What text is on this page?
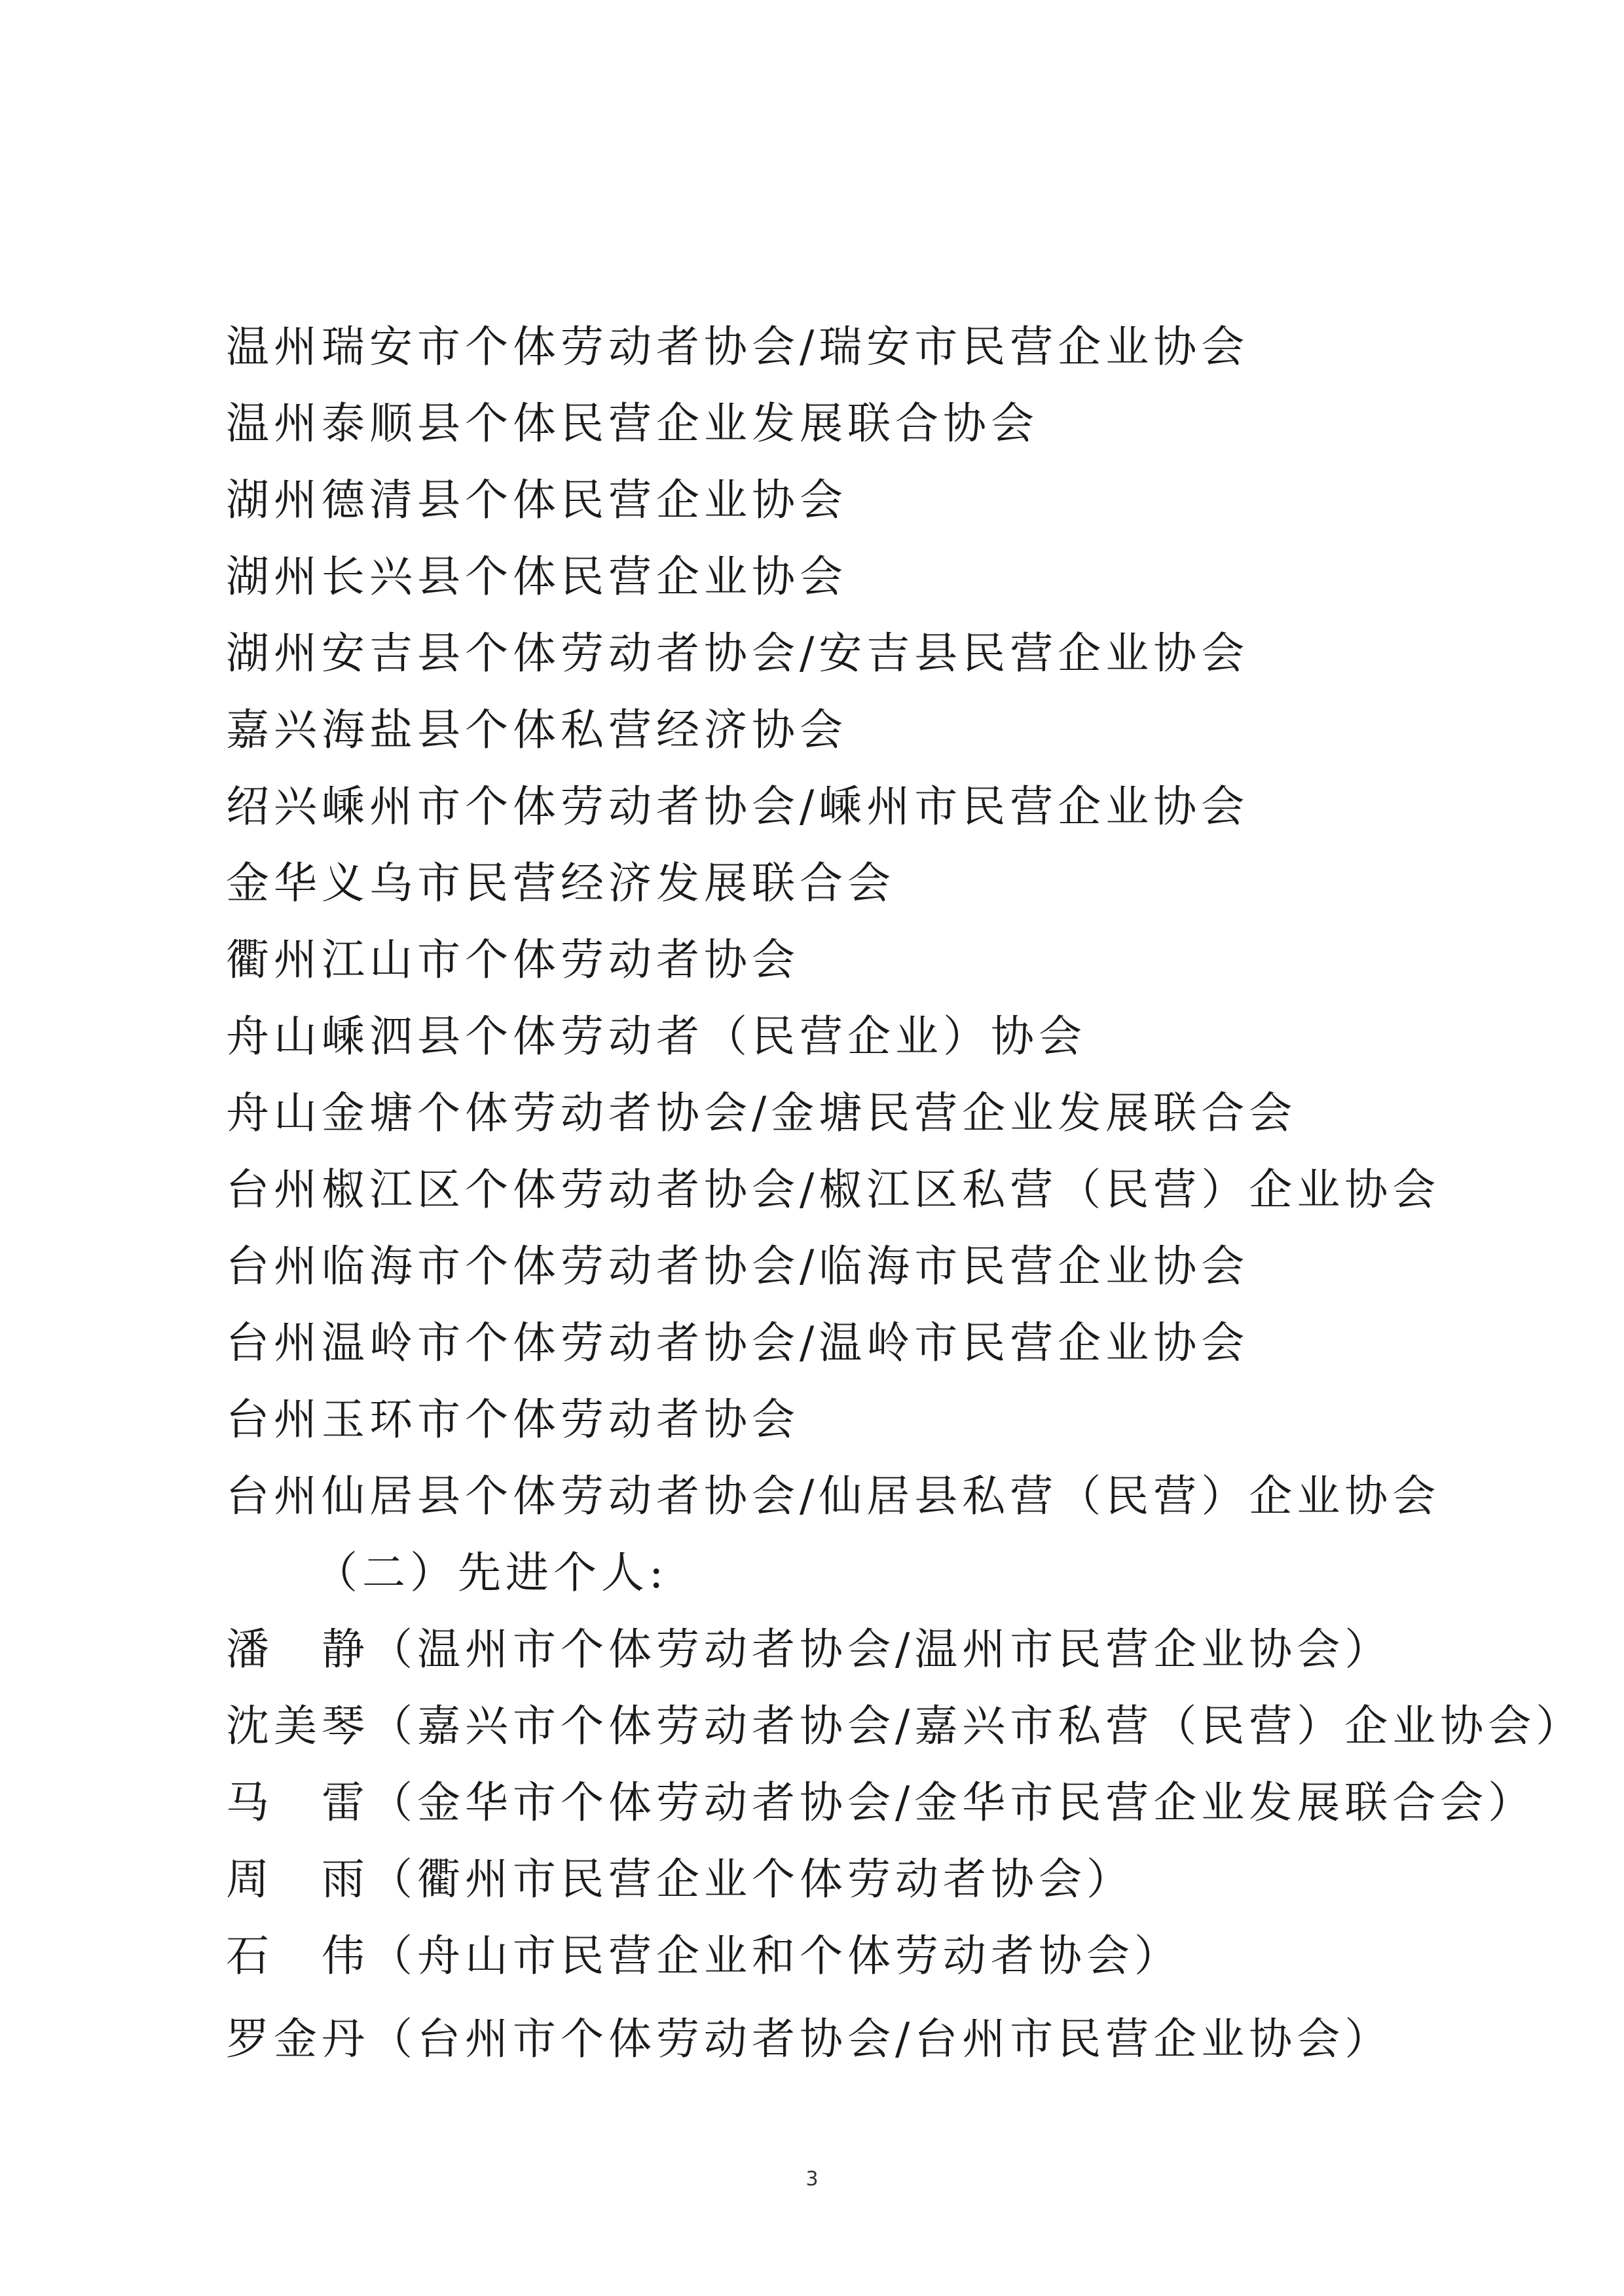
温州瑞安市个体劳动者协会/瑞安市民营企业协会
温州泰顺县个体民营企业发展联合协会
湖州德清县个体民营企业协会
湖州长兴县个体民营企业协会
湖州安吉县个体劳动者协会/安吉县民营企业协会
嘉兴海盐县个体私营经济协会
绍兴嵊州市个体劳动者协会/嵊州市民营企业协会
金华义乌市民营经济发展联合会
衢州江山市个体劳动者协会
舟山嵊泗县个体劳动者（民营企业）协会
舟山金塘个体劳动者协会/金塘民营企业发展联合会
台州椒江区个体劳动者协会/椒江区私营（民营）企业协会
台州临海市个体劳动者协会/临海市民营企业协会
台州温岭市个体劳动者协会/温岭市民营企业协会
台州玉环市个体劳动者协会
台州仙居县个体劳动者协会/仙居县私营（民营）企业协会
（二）先进个人:
潘　静（温州市个体劳动者协会/温州市民营企业协会）
沈美琴（嘉兴市个体劳动者协会/嘉兴市私营（民营）企业协会）
马　雷（金华市个体劳动者协会/金华市民营企业发展联合会）
周　雨（衢州市民营企业个体劳动者协会）
石　伟（舟山市民营企业和个体劳动者协会）
罗金丹（台州市个体劳动者协会/台州市民营企业协会）
3
